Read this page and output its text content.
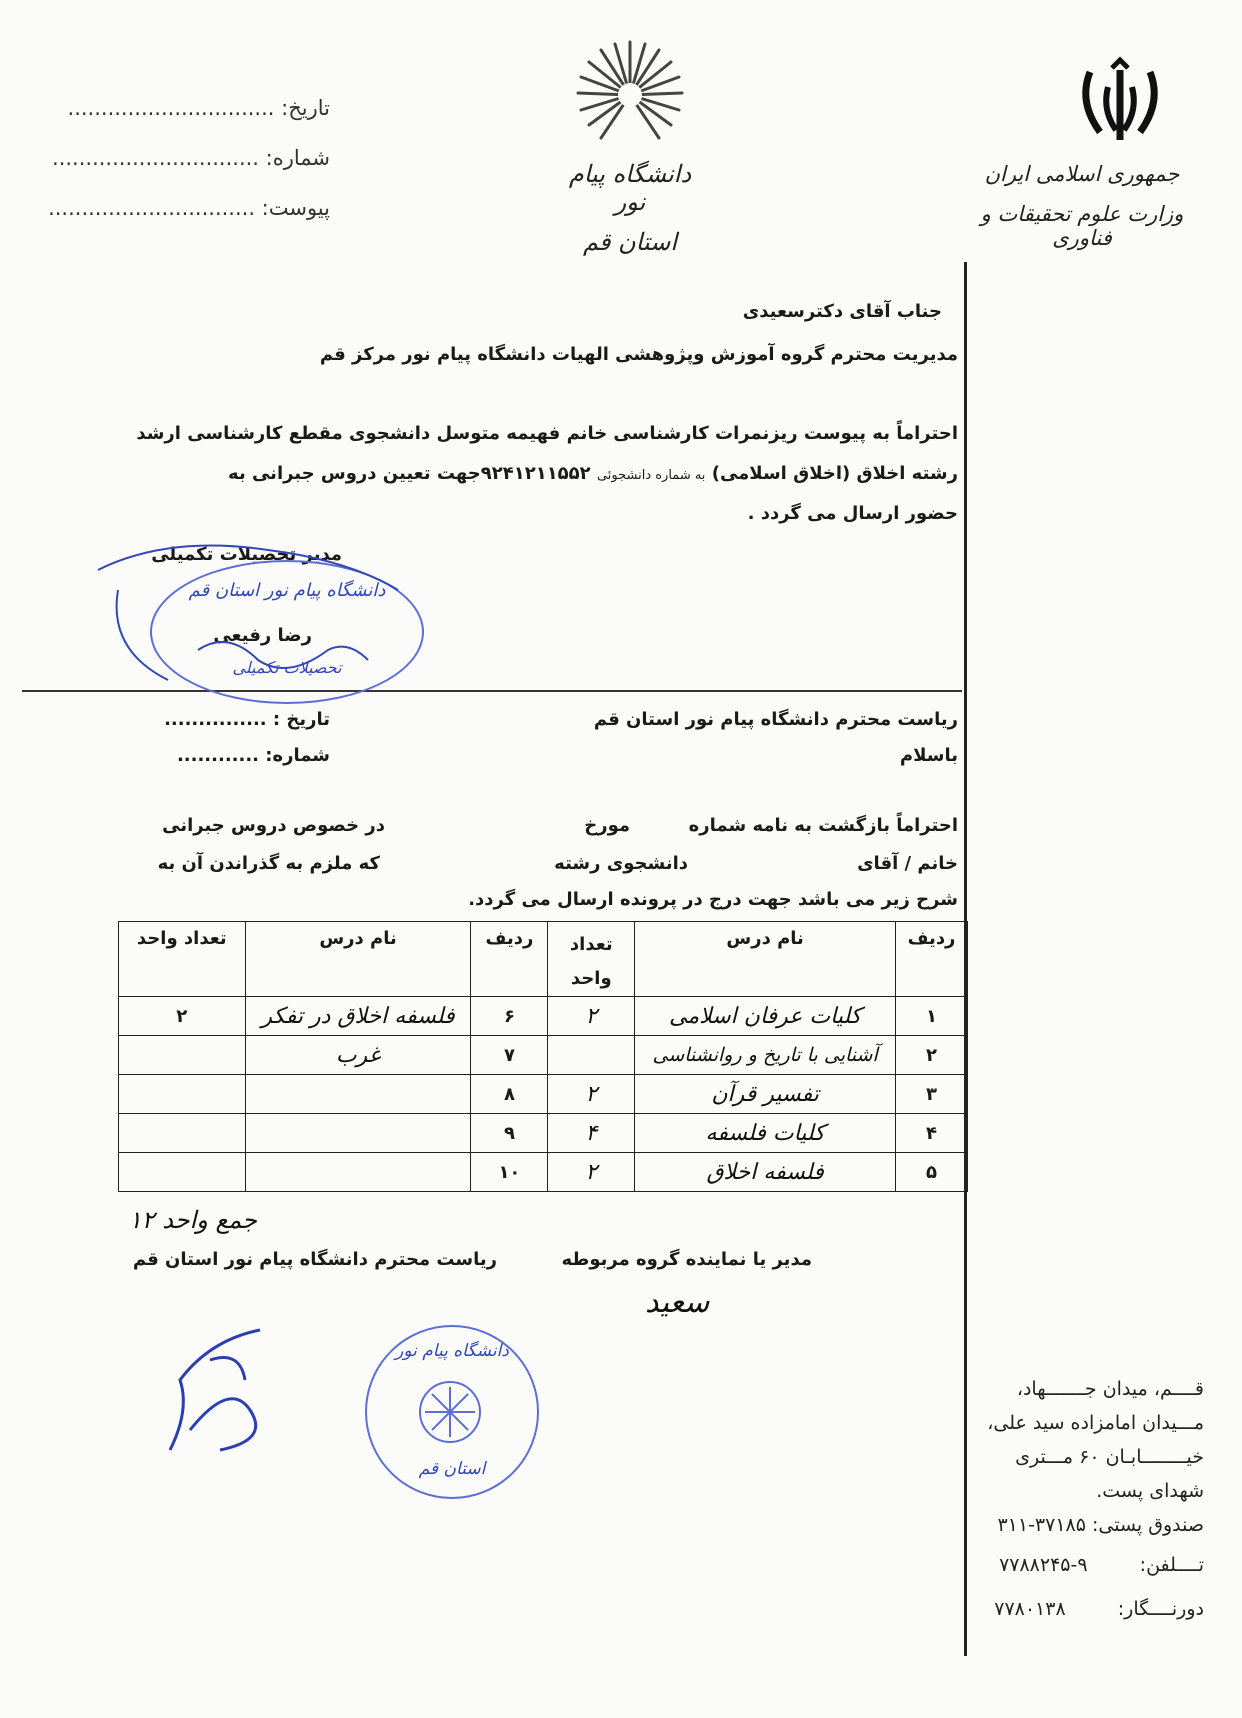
تاریخ: ...............................
شماره: ...............................
پیوست: ...............................
دانشگاه پیام نور
استان قم
جمهوری اسلامی ایران
وزارت علوم تحقیقات و فناوری
جناب آقای دکترسعیدی
مدیریت محترم گروه آموزش وپژوهشی الهیات دانشگاه پیام نور مرکز قم
احتراماً به پیوست ریزنمرات کارشناسی خانم فهیمه متوسل دانشجوی مقطع کارشناسی ارشد
رشته اخلاق (اخلاق اسلامی) به شماره دانشجوئی ۹۲۴۱۲۱۱۵۵۲جهت تعیین دروس جبرانی به
حضور ارسال می گردد .
مدیر تحصیلات تکمیلی
دانشگاه پیام نور استان قم
تحصیلات تکمیلی
رضا رفیعی
ریاست محترم دانشگاه پیام نور استان قم
باسلام
تاریخ : ...............
شماره: ............
احتراماً بازگشت به نامه شماره
مورخ
در خصوص دروس جبرانی
خانم / آقای
دانشجوی رشته
که ملزم به گذراندن آن به
شرح زیر می باشد جهت درج در پرونده ارسال می گردد.
ردیف	نام درس	تعداد واحد	ردیف	نام درس	تعداد واحد
۱	کلیات عرفان اسلامی	۲	۶	فلسفه اخلاق در تفکر	۲
۲	آشنایی با تاریخ و روانشناسی		۷	غرب	
۳	تفسیر قرآن	۲	۸		
۴	کلیات فلسفه	۴	۹		
۵	فلسفه اخلاق	۲	۱۰		
جمع واحد ۱۲
ریاست محترم دانشگاه پیام نور استان قم	مدیر یا نماینده گروه مربوطه
سعید
دانشگاه پیام نور
استان قم
قــــم، میدان جـــــــهاد،
مـــیدان امامزاده سید علی،
خیــــــــابـان ۶۰ مـــتری
شهدای پست.
صندوق پستی: ۳۷۱۸۵-۳۱۱
تــــلفن:  ۹-۷۷۸۸۲۴۵
دورنــــگار:  ۷۷۸۰۱۳۸
